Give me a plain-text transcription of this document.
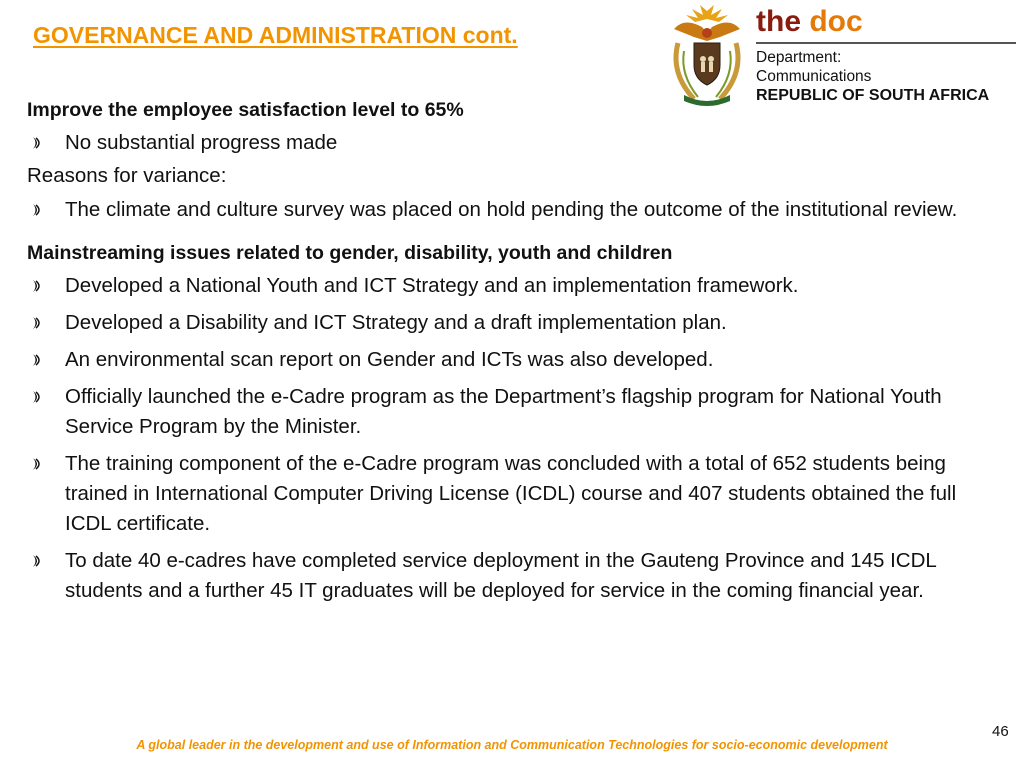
GOVERNANCE AND ADMINISTRATION cont.	the doc
Department:
Communications
REPUBLIC OF SOUTH AFRICA

Improve the employee satisfaction level to 65%

No substantial progress made

Reasons for variance:

The climate and culture survey was placed on hold pending the outcome of the institutional review.

Mainstreaming issues related to gender, disability, youth and children

Developed a National Youth and ICT Strategy and an implementation framework.
Developed a Disability and ICT Strategy and a draft implementation plan.
An environmental scan report on Gender and ICTs was also developed.
Officially launched the e-Cadre program as the Department’s flagship program for National Youth Service Program by the Minister.
The training component of the e-Cadre program was concluded with a total of 652 students being trained in International Computer Driving License (ICDL) course and 407 students obtained the full ICDL certificate.
To date 40 e-cadres have completed service deployment in the Gauteng Province and 145 ICDL students and a further 45 IT graduates will be deployed for service in the coming financial year.
46
A global leader in the development and use of Information and Communication Technologies for socio-economic development
